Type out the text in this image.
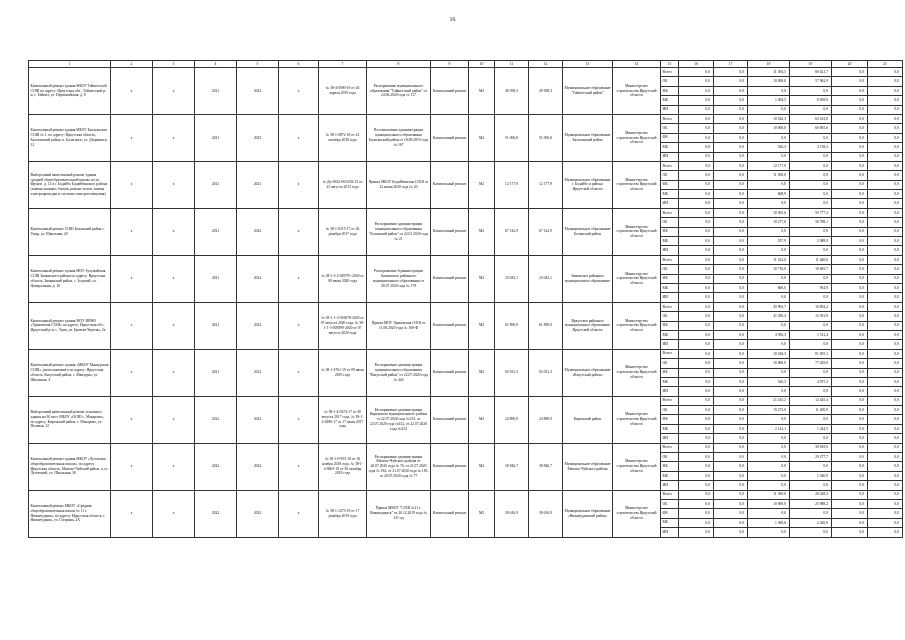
16
1	2	3	4	5	6	7	8	9	10	11	12	13	14	15	16	17	18	19	20	21
Капитальный ремонт здания МБОУ Тайшетской СОШ по адресу: Иркутская обл., Тайшетский р-н, г. Тайшет, ул. Первомайская, д. 8	x	x	2021	2022	x	№ 38-4-0590-19 от 26 апреля 2019 года	Распоряжение муниципального образования "Тайшетский район" от 24.06.2020 года № 117	Капитальный ремонт	М2	49 398,3	49 398,3	Муниципальное образование "Тайшетский район"	Министерство строительства Иркутской области	Всего	0,0	0,0	11 494,5	66 621,7	0,0	0,0
														ОБ	0,0	0,0	10 000,0	57 962,9	0,0	0,0
														ФБ	0,0	0,0	0,0	0,0	0,0	0,0
														МБ	0,0	0,0	1 494,5	8 658,8	0,0	0,0
														ИИ	0,0	0,0	0,0	0,0	0,0	0,0
Капитальный ремонт здания МБОУ Балаганская СОШ № 1, по адресу: Иркутская область, Балаганский район, п. Балаганск, ул. Дзержинск, 12	x	x	2021	2023	x	№ 38-1-0872-18 от 23 октября 2018 года	Постановление администрации муниципального образования Балаганский район от 18.09.2019 года № 167	Капитальный ремонт	М2	51 006,8	51 006,8	Муниципальное образование Балаганский район	Министерство строительства Иркутской области	Всего	0,0	0,0	10 526,3	63 163,8	0,0	0,0
														ОБ	0,0	0,0	10 000,0	60 005,6	0,0	0,0
														ФБ	0,0	0,0	0,0	0,0	0,0	0,0
														МБ	0,0	0,0	526,3	3 158,2	0,0	0,0
														ИИ	0,0	0,0	0,0	0,0	0,0	0,0
Выборочный капитальный ремонт здания средней общеобразовательной школы по ул. Фрунзе, д. 12 в г. Бодайбо Бодайбинского района (замена оконных блоков, ремонт полов, замена электропроводки и системы электроосвещения)	x	x	2021	2021	x	№ Дп-0632-0633/04.13 от 23 августа 2013 года	Приказ МБОУ Бодайбинская СОШ от 22 июня 2020 года № 20	Капитальный ремонт	М2	12 177,9	12 177,9	Муниципальное образование г. Бодайбо и района Иркутской области	Министерство строительства Иркутской области	Всего	0,0	0,0	12 177,9	0,0	0,0	0,0
														ОБ	0,0	0,0	11 569,0	0,0	0,0	0,0
														ФБ	0,0	0,0	0,0	0,0	0,0	0,0
														МБ	0,0	0,0	608,9	0,0	0,0	0,0
														ИИ	0,0	0,0	0,0	0,0	0,0	0,0
Капитальный ремонт СОШ Боханский район с. Укыр, ул. Школьная, 20	x	x	2021	2022	x	№ 38-1-6515-17 от 26 декабря 2017 года	Распоряжение администрации муниципального образования "Боханский район" от 22.01.2020 года № 21	Капитальный ремонт	М2	67 142,9	67 142,9	Муниципальное образование Боханский район	Министерство строительства Иркутской области	Всего	0,0	0,0	10 365,6	56 777,3	0,0	0,0
														ОБ	0,0	0,0	10 277,6	56 788,1	0,0	0,0
														ФБ	0,0	0,0	0,0	0,0	0,0	0,0
														МБ	0,0	0,0	557,9	2 988,9	0,0	0,0
														ИИ	0,0	0,0	0,0	0,0	0,0	0,0
Капитальный ремонт здания МОУ Зулумайская СОШ Зиминского района по адресу: Иркутская область, Зиминский район, с. Зулумай, ул. Центральная, д. 18	x	x	2021	2022	x	№ 38-1-3-2-029791-2020 от 08 июля 2020 года	Распоряжение Администрации Зиминского районного муниципального образования от 30.07.2020 года № 179	Капитальный ремонт	М2	23 043,1	23 043,1	Зиминское районное муниципальное образование	Министерство строительства Иркутской области	Всего	0,0	0,0	11 322,6	11 640,6	0,0	0,0
														ОБ	0,0	0,0	10 716,0	10 685,7	0,0	0,0
														ФБ	0,0	0,0	0,0	0,0	0,0	0,0
														МБ	0,0	0,0	606,6	954,9	0,0	0,0
														ИИ	0,0	0,0	0,0	0,0	0,0	0,0
Капитальный ремонт здания МОУ ИРМО «Уриковская СОШ» по адресу: Иркутская обл., Иркутский р-н, с. Урик, ул. Братьев Черепах, 2а	x	x	2021	2022	x	№ 38-1-1-3-016078-2020 от 07 августа 2020 года, № 38-1-1-3-005899-2020 от 07 августа 2020 года	Приказ МОУ Уриковская СОШ от 11.08.2020 года № 169-Ф	Капитальный ремонт	М2	61 890,9	61 890,9	Иркутское районное муниципальное образование Иркутской области	Министерство строительства Иркутской области	Всего	0,0	0,0	45 992,7	10 894,2	0,0	0,0
														ОБ	0,0	0,0	41 036,4	15 391,8	0,0	0,0
														ФБ	0,0	0,0	0,0	0,0	0,0	0,0
														МБ	0,0	0,0	4 956,3	1 512,4	0,0	0,0
														ИИ	0,0	0,0	0,0	0,0	0,0	0,0
Капитальный ремонт здания «МКОУ Манзурская СОШ», расположенного по адресу: Иркутская область, Качугский район, с. Манзурка, ул. Школьная, 3	x	x	2021	2022	x	№ 38-1-4761-19 от 09 июля 2019 года	Распоряжение администрации муниципального образования "Качугский район" от 22.07.2020 года № 426	Капитальный ремонт	М2	92 031,3	92 031,3	Муниципальное образование «Качугский район»	Министерство строительства Иркутской области	Всего	0,0	0,0	10 526,3	81 505,1	0,0	0,0
														ОБ	0,0	0,0	10 000,0	77 429,8	0,0	0,0
														ФБ	0,0	0,0	0,0	0,0	0,0	0,0
														МБ	0,0	0,0	526,3	4 075,3	0,0	0,0
														ИИ	0,0	0,0	0,0	0,0	0,0	0,0
Выборочный капитальный ремонт основного здания на 30 мест МБОУ «ООШ с. Макарово», по адресу: Киренский район, с. Макарово, ул. Полевая, 12	x	x	2022	2022	x	№ 38-1-4-0274-17 от 30 августа 2017 года, № 38-1-4-0286-17 от 17 июля 2017 года	Распоряжение администрации Киренского муниципального района от 22.07.2020 года №313, от 22.07.2020 года №412, от 22.07.2020 года №414	Капитальный ремонт	М2	24 890,9	24 890,9	Киренский район	Министерство строительства Иркутской области	Всего	0,0	0,0	21 415,2	12 445,4	0,0	0,0
														ОБ	0,0	0,0	19 273,0	11 200,9	0,0	0,0
														ФБ	0,0	0,0	0,0	0,0	0,0	0,0
														МБ	0,0	0,0	2 142,1	1 244,5	0,0	0,0
														ИИ	0,0	0,0	0,0	0,0	0,0	0,0
Капитальный ремонт здания МКОУ «Луговская общеобразовательная школа», по адресу: Иркутская область, Мамско-Чуйский район, п.г.т. Луговский, ул. Школьная, 30	x	x	2022	2022	x	№ 38-1-0-955-18 от 16 ноября 2018 года, № 38-1-4-0605-18 от 30 октября 2018 года	Распоряжение администрации Мамско-Чуйского района от 20.07.2020 года № 76, от 21.07.2020 года № 184, от 21.07.2020 года № 185, от 20.07.2020 года № 77	Капитальный ремонт	М2	30 846,7	30 846,7	Муниципальное образование Мамско-Чуйского района	Министерство строительства Иркутской области	Всего	0,0	0,0	0,0	30 818,6	0,0	0,0
														ОБ	0,0	0,0	0,0	29 277,7	0,0	0,0
														ФБ	0,0	0,0	0,0	0,0	0,0	0,0
														МБ	0,0	0,0	0,0	1 540,9	0,0	0,0
														ИИ	0,0	0,0	0,0	0,0	0,0	0,0
Капитальный ремонт МКОУ «Средняя общеобразовательная школа № 11 г. Нижнеудинск» по адресу: Иркутская область, г. Нижнеудинск, ул. Гагарина, 2А	x	x	2022	2022	x	№ 38-1-1273-19 от 17 декабря 2019 года	Приказ МКОУ "СОШ №11 г. Нижнеудинск" от 20.12.2019 года № 121-ад	Капитальный ремонт	М2	39 616,9	39 616,9	Муниципальное образование «Нижнеудинский район»	Министерство строительства Иркутской области	Всего	0,0	0,0	11 369,6	28 428,3	0,0	0,0
														ОБ	0,0	0,0	10 000,0	25 988,2	0,0	0,0
														ФБ	0,0	0,0	0,0	0,0	0,0	0,0
														МБ	0,0	0,0	1 369,6	2 420,0	0,0	0,0
														ИИ	0,0	0,0	0,0	0,0	0,0	0,0
